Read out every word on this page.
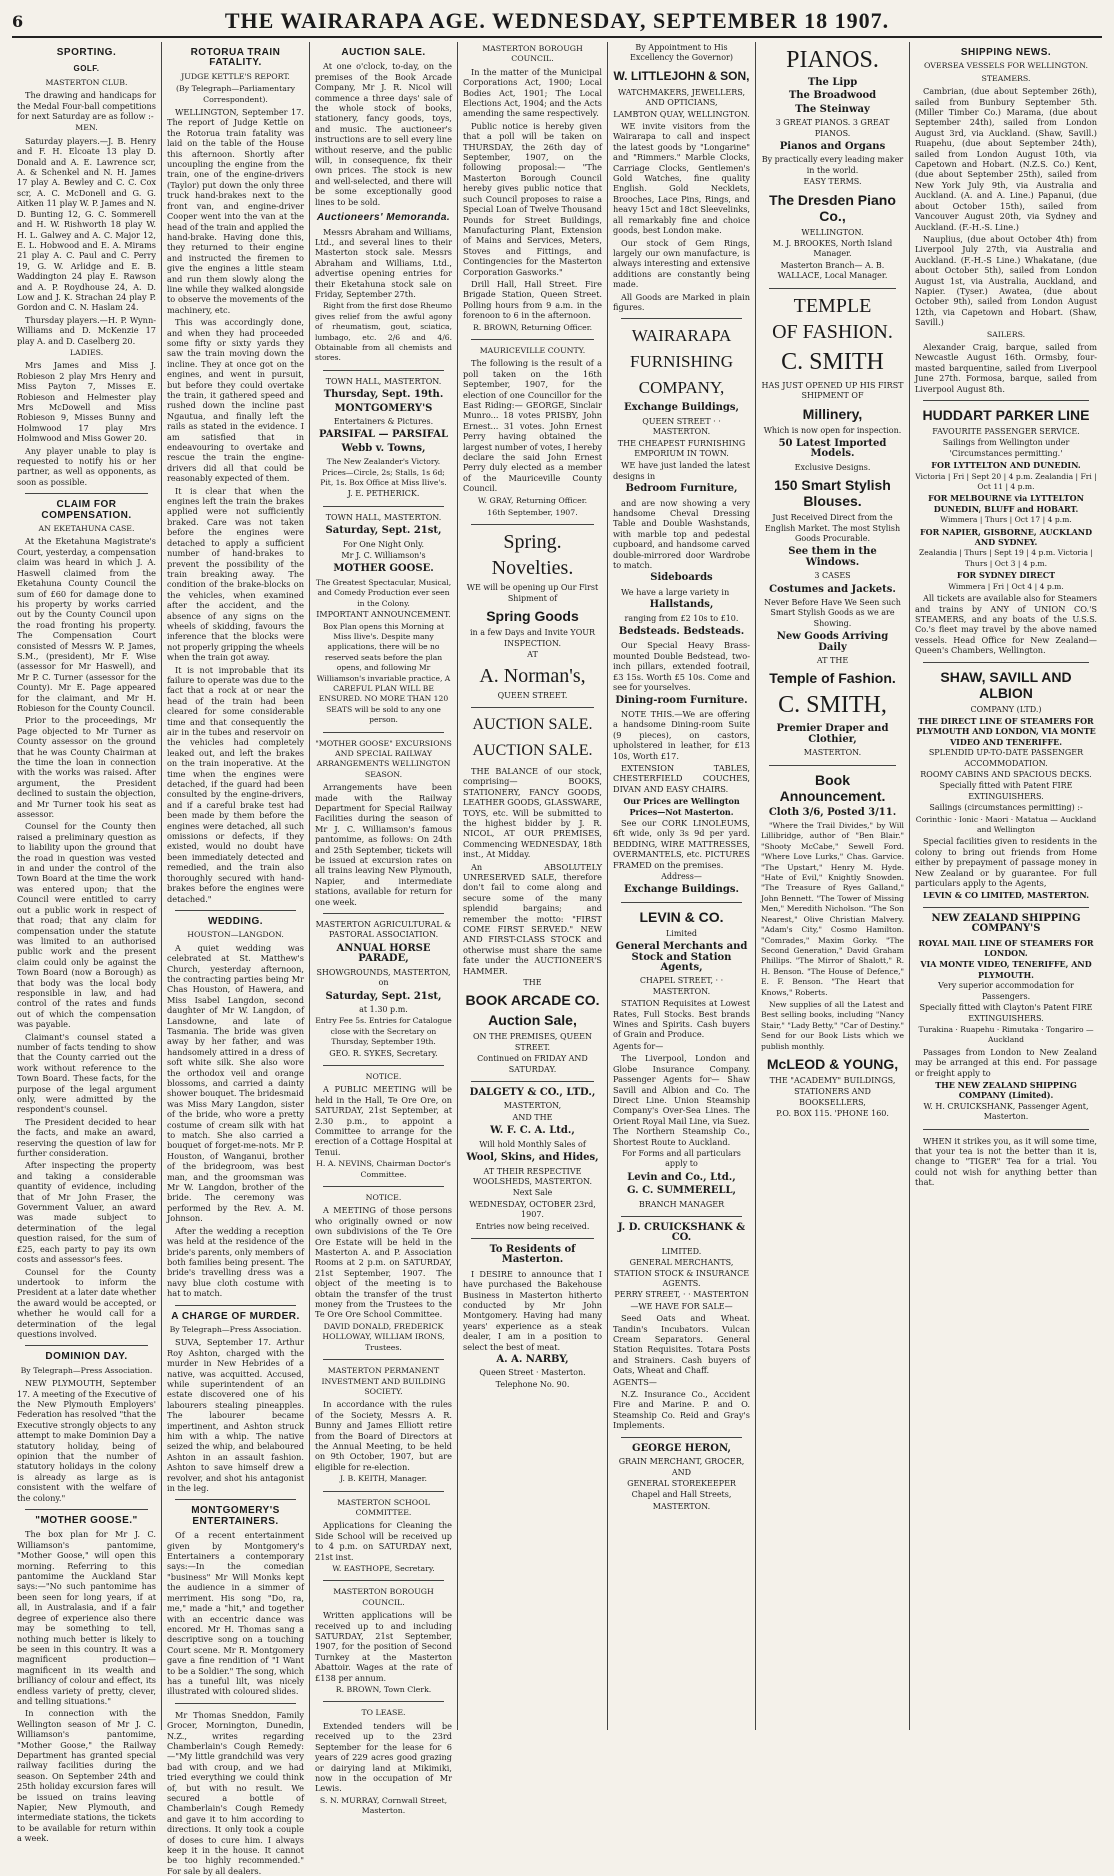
6	THE WAIRARAPA AGE. WEDNESDAY, SEPTEMBER 18 1907.
SPORTING.
GOLF.
MASTERTON CLUB.

The drawing and handicaps for the Medal Four-ball competitions for next Saturday are as follow :-

MEN.

Saturday players.—J. B. Henry and F. H. Elcoate 13 play D. Donald and A. E. Lawrence scr, A. & Schenkel and N. H. James 17 play A. Bewley and C. C. Cox scr, A. C. McDonell and G. G. Aitken 11 play W. P. James and N. D. Bunting 12, G. C. Sommerell and H. W. Rishworth 18 play W. H. L. Galwey and A. C. Major 12, E. L. Hobwood and E. A. Mirams 21 play A. C. Paul and C. Perry 19, G. W. Arlidge and E. B. Waddington 24 play E. Rawson and A. P. Roydhouse 24, A. D. Low and J. K. Strachan 24 play P. Gordon and C. N. Haslam 24.

Thursday players.—H. P. Wynn-Williams and D. McKenzie 17 play A. and D. Caselberg 20.

LADIES.

Mrs James and Miss J. Robieson 2 play Mrs Henry and Miss Payton 7, Misses E. Robieson and Helmester play Mrs McDowell and Miss Robieson 9, Misses Bunny and Holmwood 17 play Mrs Holmwood and Miss Gower 20.

Any player unable to play is requested to notify his or her partner, as well as opponents, as soon as possible.

CLAIM FOR COMPENSATION.
AN EKETAHUNA CASE.

At the Eketahuna Magistrate's Court, yesterday, a compensation claim was heard in which J. A. Haswell claimed from the Eketahuna County Council the sum of £60 for damage done to his property by works carried out by the County Council upon the road fronting his property. The Compensation Court consisted of Messrs W. P. James, S.M., (president), Mr F. Wise (assessor for Mr Haswell), and Mr P. C. Turner (assessor for the County). Mr E. Page appeared for the claimant, and Mr H. Robieson for the County Council.

Prior to the proceedings, Mr Page objected to Mr Turner as County assessor on the ground that he was County Chairman at the time the loan in connection with the works was raised. After argument, the President declined to sustain the objection, and Mr Turner took his seat as assessor.

Counsel for the County then raised a preliminary question as to liability upon the ground that the road in question was vested in and under the control of the Town Board at the time the work was entered upon; that the Council were entitled to carry out a public work in respect of that road; that any claim for compensation under the statute was limited to an authorised public work and the present claim could only be against the Town Board (now a Borough) as that body was the local body responsible in law, and had control of the rates and funds out of which the compensation was payable.

Claimant's counsel stated a number of facts tending to show that the County carried out the work without reference to the Town Board. These facts, for the purpose of the legal argument only, were admitted by the respondent's counsel.

The President decided to hear the facts, and make an award, reserving the question of law for further consideration.

After inspecting the property and taking a considerable quantity of evidence, including that of Mr John Fraser, the Government Valuer, an award was made subject to determination of the legal question raised, for the sum of £25, each party to pay its own costs and assessor's fees.

Counsel for the County undertook to inform the President at a later date whether the award would be accepted, or whether he would call for a determination of the legal questions involved.

DOMINION DAY.
By Telegraph—Press Association.

NEW PLYMOUTH, September 17. A meeting of the Executive of the New Plymouth Employers' Federation has resolved "that the Executive strongly objects to any attempt to make Dominion Day a statutory holiday, being of opinion that the number of statutory holidays in the colony is already as large as is consistent with the welfare of the colony."

"MOTHER GOOSE."

The box plan for Mr J. C. Williamson's pantomime, "Mother Goose," will open this morning. Referring to this pantomime the Auckland Star says:—"No such pantomime has been seen for long years, if at all, in Australasia, and if a fair degree of experience also there may be something to tell, nothing much better is likely to be seen in this country. It was a magnificent production—magnificent in its wealth and brilliancy of colour and effect, its endless variety of pretty, clever, and telling situations."

In connection with the Wellington season of Mr J. C. Williamson's pantomime, "Mother Goose," the Railway Department has granted special railway facilities during the season. On September 24th and 25th holiday excursion fares will be issued on trains leaving Napier, New Plymouth, and intermediate stations, the tickets to be available for return within a week.

ROTORUA TRAIN FATALITY.
JUDGE KETTLE'S REPORT.
(By Telegraph—Parliamentary Correspondent).

WELLINGTON, September 17. The report of Judge Kettle on the Rotorua train fatality was laid on the table of the House this afternoon. Shortly after uncoupling the engine from the train, one of the engine-drivers (Taylor) put down the only three truck hand-brakes next to the front van, and engine-driver Cooper went into the van at the head of the train and applied the hand-brake. Having done this, they returned to their engine and instructed the firemen to give the engines a little steam and run them slowly along the line while they walked alongside to observe the movements of the machinery, etc.

This was accordingly done, and when they had proceeded some fifty or sixty yards they saw the train moving down the incline. They at once got on the engines, and went in pursuit, but before they could overtake the train, it gathered speed and rushed down the incline past Ngautua, and finally left the rails as stated in the evidence. I am satisfied that in endeavouring to overtake and rescue the train the engine-drivers did all that could be reasonably expected of them.

It is clear that when the engines left the train the brakes applied were not sufficiently braked. Care was not taken before the engines were detached to apply a sufficient number of hand-brakes to prevent the possibility of the train breaking away. The condition of the brake-blocks on the vehicles, when examined after the accident, and the absence of any signs on the wheels of skidding, favours the inference that the blocks were not properly gripping the wheels when the train got away.

It is not improbable that its failure to operate was due to the fact that a rock at or near the head of the train had been cleared for some considerable time and that consequently the air in the tubes and reservoir on the vehicles had completely leaked out, and left the brakes on the train inoperative. At the time when the engines were detached, if the guard had been consulted by the engine-drivers, and if a careful brake test had been made by them before the engines were detached, all such omissions or defects, if they existed, would no doubt have been immediately detected and remedied, and the train also thoroughly secured with hand-brakes before the engines were detached."

WEDDING.
HOUSTON—LANGDON.

A quiet wedding was celebrated at St. Matthew's Church, yesterday afternoon, the contracting parties being Mr Chas Houston, of Hawera, and Miss Isabel Langdon, second daughter of Mr W. Langdon, of Lansdowne, and late of Tasmania. The bride was given away by her father, and was handsomely attired in a dress of soft white silk. She also wore the orthodox veil and orange blossoms, and carried a dainty shower bouquet. The bridesmaid was Miss Mary Langdon, sister of the bride, who wore a pretty costume of cream silk with hat to match. She also carried a bouquet of forget-me-nots. Mr P. Houston, of Wanganui, brother of the bridegroom, was best man, and the groomsman was Mr W. Langdon, brother of the bride. The ceremony was performed by the Rev. A. M. Johnson.

After the wedding a reception was held at the residence of the bride's parents, only members of both families being present. The bride's travelling dress was a navy blue cloth costume with hat to match.

A CHARGE OF MURDER.
By Telegraph—Press Association.

SUVA, September 17. Arthur Roy Ashton, charged with the murder in New Hebrides of a native, was acquitted. Accused, while superintendent of an estate discovered one of his labourers stealing pineapples. The labourer became impertinent, and Ashton struck him with a whip. The native seized the whip, and belaboured Ashton in an assault fashion. Ashton to save himself drew a revolver, and shot his antagonist in the leg.

MONTGOMERY'S ENTERTAINERS.

Of a recent entertainment given by Montgomery's Entertainers a contemporary says:—In the comedian "business" Mr Will Monks kept the audience in a simmer of merriment. His song "Do, ra, me," made a "hit," and together with an eccentric dance was encored. Mr H. Thomas sang a descriptive song on a touching Court scene. Mr R. Montgomery gave a fine rendition of "I Want to be a Soldier." The song, which has a tuneful lilt, was nicely illustrated with coloured slides.

Mr Thomas Sneddon, Family Grocer, Mornington, Dunedin, N.Z., writes regarding Chamberlain's Cough Remedy:—"My little grandchild was very bad with croup, and we had tried everything we could think of, but with no result. We secured a bottle of Chamberlain's Cough Remedy and gave it to him according to directions. It only took a couple of doses to cure him. I always keep it in the house. It cannot be too highly recommended." For sale by all dealers.

AUCTION SALE.

At one o'clock, to-day, on the premises of the Book Arcade Company, Mr J. R. Nicol will commence a three days' sale of the whole stock of books, stationery, fancy goods, toys, and music. The auctioneer's instructions are to sell every line without reserve, and the public will, in consequence, fix their own prices. The stock is new and well-selected, and there will be some exceptionally good lines to be sold.

Auctioneers' Memoranda.

Messrs Abraham and Williams, Ltd., and several lines to their Masterton stock sale. Messrs Abraham and Williams, Ltd., advertise opening entries for their Eketahuna stock sale on Friday, September 27th.

Right from the first dose Rheumo gives relief from the awful agony of rheumatism, gout, sciatica, lumbago, etc. 2/6 and 4/6. Obtainable from all chemists and stores.

TOWN HALL, MASTERTON.
Thursday, Sept. 19th.
MONTGOMERY'S
Entertainers & Pictures.
PARSIFAL — PARSIFAL
Webb v. Towns,
The New Zealander's Victory. Prices—Circle, 2s; Stalls, 1s 6d; Pit, 1s. Box Office at Miss Ilive's.
J. E. PETHERICK.
TOWN HALL, MASTERTON.
Saturday, Sept. 21st,
For One Night Only.
Mr J. C. Williamson's
MOTHER GOOSE.
The Greatest Spectacular, Musical, and Comedy Production ever seen in the Colony.
IMPORTANT ANNOUNCEMENT.
Box Plan opens this Morning at Miss Ilive's. Despite many applications, there will be no reserved seats before the plan opens, and following Mr Williamson's invariable practice, A CAREFUL PLAN WILL BE ENSURED. NO MORE THAN 120 SEATS will be sold to any one person.
"MOTHER GOOSE" EXCURSIONS AND SPECIAL RAILWAY ARRANGEMENTS WELLINGTON SEASON.

Arrangements have been made with the Railway Department for Special Railway Facilities during the season of Mr J. C. Williamson's famous pantomime, as follows: On 24th and 25th September, tickets will be issued at excursion rates on all trains leaving New Plymouth, Napier, and intermediate stations, available for return for one week.

MASTERTON AGRICULTURAL & PASTORAL ASSOCIATION.
ANNUAL HORSE PARADE,
SHOWGROUNDS, MASTERTON, on
Saturday, Sept. 21st,
at 1.30 p.m.
Entry Fee 5s. Entries for Catalogue close with the Secretary on Thursday, September 19th.
GEO. R. SYKES, Secretary.
NOTICE.

A PUBLIC MEETING will be held in the Hall, Te Ore Ore, on SATURDAY, 21st September, at 2.30 p.m., to appoint a Committee to arrange for the erection of a Cottage Hospital at Tenui.

H. A. NEVINS, Chairman Doctor's Committee.
NOTICE.

A MEETING of those persons who originally owned or now own subdivisions of the Te Ore Ore Estate will be held in the Masterton A. and P. Association Rooms at 2 p.m. on SATURDAY, 21st September, 1907. The object of the meeting is to obtain the transfer of the trust money from the Trustees to the Te Ore Ore School Committee.

DAVID DONALD, FREDERICK HOLLOWAY, WILLIAM IRONS, Trustees.
MASTERTON PERMANENT INVESTMENT AND BUILDING SOCIETY.

In accordance with the rules of the Society, Messrs A. R. Bunny and James Elliott retire from the Board of Directors at the Annual Meeting, to be held on 9th October, 1907, but are eligible for re-election.

J. B. KEITH, Manager.
MASTERTON SCHOOL COMMITTEE.

Applications for Cleaning the Side School will be received up to 4 p.m. on SATURDAY next, 21st inst.

W. EASTHOPE, Secretary.
MASTERTON BOROUGH COUNCIL.

Written applications will be received up to and including SATURDAY, 21st September, 1907, for the position of Second Turnkey at the Masterton Abattoir. Wages at the rate of £138 per annum.

R. BROWN, Town Clerk.
TO LEASE.

Extended tenders will be received up to the 23rd September for the lease for 6 years of 229 acres good grazing or dairying land at Mikimiki, now in the occupation of Mr Lewis.

S. N. MURRAY, Cornwall Street, Masterton.
MASTERTON BOROUGH COUNCIL.

In the matter of the Municipal Corporations Act, 1900; Local Bodies Act, 1901; The Local Elections Act, 1904; and the Acts amending the same respectively.

Public notice is hereby given that a poll will be taken on THURSDAY, the 26th day of September, 1907, on the following proposal:— "The Masterton Borough Council hereby gives public notice that such Council proposes to raise a Special Loan of Twelve Thousand Pounds for Street Buildings, Manufacturing Plant, Extension of Mains and Services, Meters, Stoves and Fittings, and Contingencies for the Masterton Corporation Gasworks."

Drill Hall, Hall Street. Fire Brigade Station, Queen Street. Polling hours from 9 a.m. in the forenoon to 6 in the afternoon.

R. BROWN, Returning Officer.
MAURICEVILLE COUNTY.

The following is the result of a poll taken on the 16th September, 1907, for the election of one Councillor for the East Riding:— GEORGE, Sinclair Munro... 18 votes PRISBY, John Ernest... 31 votes. John Ernest Perry having obtained the largest number of votes, I hereby declare the said John Ernest Perry duly elected as a member of the Mauriceville County Council.

W. GRAY, Returning Officer.
16th September, 1907.
Spring.
Novelties.
WE will be opening up Our First Shipment of
Spring Goods
in a few Days and Invite YOUR INSPECTION.
AT
A. Norman's,
QUEEN STREET.
AUCTION SALE.
AUCTION SALE.

THE BALANCE of our stock, comprising— BOOKS, STATIONERY, FANCY GOODS, LEATHER GOODS, GLASSWARE, TOYS, etc. Will be submitted to the highest bidder by J. R. NICOL, AT OUR PREMISES, Commencing WEDNESDAY, 18th inst., At Midday.

An ABSOLUTELY UNRESERVED SALE, therefore don't fail to come along and secure some of the many splendid bargains; and remember the motto: "FIRST COME FIRST SERVED." NEW AND FIRST-CLASS STOCK and otherwise must share the same fate under the AUCTIONEER'S HAMMER.

THE
BOOK ARCADE CO.
Auction Sale,
ON THE PREMISES, QUEEN STREET.
Continued on FRIDAY AND SATURDAY.
DALGETY & CO., LTD.,
MASTERTON,
AND THE
W. F. C. A. Ltd.,
Will hold Monthly Sales of
Wool, Skins, and Hides,
AT THEIR RESPECTIVE WOOLSHEDS, MASTERTON.
Next Sale
WEDNESDAY, OCTOBER 23rd, 1907.
Entries now being received.
To Residents of Masterton.

I DESIRE to announce that I have purchased the Bakehouse Business in Masterton hitherto conducted by Mr John Montgomery. Having had many years' experience as a steak dealer, I am in a position to select the best of meat.

A. A. NARBY,
Queen Street · Masterton.
Telephone No. 90.
By Appointment to His Excellency the Governor)
W. LITTLEJOHN & SON,
WATCHMAKERS, JEWELLERS, AND OPTICIANS,
LAMBTON QUAY, WELLINGTON.

WE invite visitors from the Wairarapa to call and inspect the latest goods by "Longarine" and "Rimmers." Marble Clocks, Carriage Clocks, Gentlemen's Gold Watches, fine quality English. Gold Necklets, Brooches, Lace Pins, Rings, and heavy 15ct and 18ct Sleevelinks, all remarkably fine and choice goods, best London make.

Our stock of Gem Rings, largely our own manufacture, is always interesting and extensive additions are constantly being made.

All Goods are Marked in plain figures.

WAIRARAPA
FURNISHING
COMPANY,
Exchange Buildings,
QUEEN STREET · · MASTERTON.
THE CHEAPEST FURNISHING EMPORIUM IN TOWN.

WE have just landed the latest designs in

Bedroom Furniture,

and are now showing a very handsome Cheval Dressing Table and Double Washstands, with marble top and pedestal cupboard, and handsome carved double-mirrored door Wardrobe to match.

Sideboards

We have a large variety in

Hallstands,
ranging from £2 10s to £10.
Bedsteads. Bedsteads.

Our Special Heavy Brass-mounted Double Bedstead, two-inch pillars, extended footrail, £3 15s. Worth £5 10s. Come and see for yourselves.

Dining-room Furniture.

NOTE THIS.—We are offering a handsome Dining-room Suite (9 pieces), on castors, upholstered in leather, for £13 10s, Worth £17.

EXTENSION TABLES, CHESTERFIELD COUCHES, DIVAN AND EASY CHAIRS.

Our Prices are Wellington Prices—Not Masterton.

See our CORK LINOLEUMS, 6ft wide, only 3s 9d per yard. BEDDING, WIRE MATTRESSES, OVERMANTELS, etc. PICTURES FRAMED on the premises.

Address—
Exchange Buildings.
LEVIN & CO.
Limited
General Merchants and Stock and Station Agents,
CHAPEL STREET, · · MASTERTON.

STATION Requisites at Lowest Rates, Full Stocks. Best brands Wines and Spirits. Cash buyers of Grain and Produce.

Agents for—

The Liverpool, London and Globe Insurance Company. Passenger Agents for— Shaw Savill and Albion and Co. The Direct Line. Union Steamship Company's Over-Sea Lines. The Orient Royal Mail Line, via Suez. The Northern Steamship Co., Shortest Route to Auckland.

For Forms and all particulars apply to
Levin and Co., Ltd.,
G. C. SUMMERELL,
BRANCH MANAGER
J. D. CRUICKSHANK & CO.
LIMITED.
GENERAL MERCHANTS, STATION STOCK & INSURANCE AGENTS.
PERRY STREET, · · MASTERTON
—WE HAVE FOR SALE—

Seed Oats and Wheat. Tandin's Incubators. Vulcan Cream Separators. General Station Requisites. Totara Posts and Strainers. Cash buyers of Oats, Wheat and Chaff.

AGENTS—

N.Z. Insurance Co., Accident Fire and Marine. P. and O. Steamship Co. Reid and Gray's Implements.

GEORGE HERON,
GRAIN MERCHANT, GROCER, AND
GENERAL STOREKEEPER
Chapel and Hall Streets,
MASTERTON.
PIANOS.
The Lipp
The Broadwood
The Steinway
3 GREAT PIANOS. 3 GREAT PIANOS.
Pianos and Organs
By practically every leading maker in the world.
EASY TERMS.
The Dresden Piano Co.,
WELLINGTON.
M. J. BROOKES, North Island Manager.
Masterton Branch— A. B. WALLACE, Local Manager.
TEMPLE
OF FASHION.
C. SMITH
HAS JUST OPENED UP HIS FIRST SHIPMENT OF
Millinery,
Which is now open for inspection.
50 Latest Imported Models.
Exclusive Designs.
150 Smart Stylish Blouses.
Just Received Direct from the English Market. The most Stylish Goods Procurable.
See them in the Windows.
3 CASES
Costumes and Jackets.
Never Before Have We Seen such Smart Stylish Goods as we are Showing.
New Goods Arriving Daily
AT THE
Temple of Fashion.
C. SMITH,
Premier Draper and Clothier,
MASTERTON.
Book Announcement.
Cloth 3/6, Posted 3/11.

"Where the Trail Divides," by Will Lillibridge, author of "Ben Blair." "Shooty McCabe," Sewell Ford. "Where Love Lurks," Chas. Garvice. "The Upstart," Henry M. Hyde. "Hate of Evil," Knightly Snowden. "The Treasure of Ryes Galland," John Bennett. "The Tower of Missing Men," Meredith Nicholson. "The Son Nearest," Olive Christian Malvery. "Adam's City," Cosmo Hamilton. "Comrades," Maxim Gorky. "The Second Generation," David Graham Phillips. "The Mirror of Shalott," R. H. Benson. "The House of Defence," E. F. Benson. "The Heart that Knows," Roberts.

New supplies of all the Latest and Best selling books, including "Nancy Stair," "Lady Betty," "Car of Destiny." Send for our Book Lists which we publish monthly.

McLEOD & YOUNG,
THE "ACADEMY" BUILDINGS,
STATIONERS AND BOOKSELLERS,
P.O. BOX 115. 'PHONE 160.
SHIPPING NEWS.
OVERSEA VESSELS FOR WELLINGTON.
STEAMERS.

Cambrian, (due about September 26th), sailed from Bunbury September 5th. (Miller Timber Co.) Marama, (due about September 24th), sailed from London August 3rd, via Auckland. (Shaw, Savill.) Ruapehu, (due about September 24th), sailed from London August 10th, via Capetown and Hobart. (N.Z.S. Co.) Kent, (due about September 25th), sailed from New York July 9th, via Australia and Auckland. (A. and A. Line.) Papanui, (due about October 15th), sailed from Vancouver August 20th, via Sydney and Auckland. (F.-H.-S. Line.)

Nauplius, (due about October 4th) from Liverpool July 27th, via Australia and Auckland. (F.-H.-S Line.) Whakatane, (due about October 5th), sailed from London August 1st, via Australia, Auckland, and Napier. (Tyser.) Awatea, (due about October 9th), sailed from London August 12th, via Capetown and Hobart. (Shaw, Savill.)

SAILERS.

Alexander Craig, barque, sailed from Newcastle August 16th. Ormsby, four-masted barquentine, sailed from Liverpool June 27th. Formosa, barque, sailed from Liverpool August 8th.

HUDDART PARKER LINE
FAVOURITE PASSENGER SERVICE.
Sailings from Wellington under 'Circumstances permitting.'
FOR LYTTELTON AND DUNEDIN.
Victoria | Fri | Sept 20 | 4 p.m. Zealandia | Fri | Oct 11 | 4 p.m.
FOR MELBOURNE via LYTTELTON DUNEDIN, BLUFF and HOBART.
Wimmera | Thurs | Oct 17 | 4 p.m.
FOR NAPIER, GISBORNE, AUCKLAND AND SYDNEY.
Zealandia | Thurs | Sept 19 | 4 p.m. Victoria | Thurs | Oct 3 | 4 p.m.
FOR SYDNEY DIRECT
Wimmera | Fri | Oct 4 | 4 p.m.

All tickets are available also for Steamers and trains by ANY of UNION CO.'S STEAMERS, and any boats of the U.S.S. Co.'s fleet may travel by the above named vessels. Head Office for New Zealand—Queen's Chambers, Wellington.

SHAW, SAVILL AND ALBION
COMPANY (LTD.)
THE DIRECT LINE OF STEAMERS FOR PLYMOUTH AND LONDON, VIA MONTE VIDEO AND TENERIFFE.
SPLENDID UP-TO-DATE PASSENGER ACCOMMODATION.
ROOMY CABINS AND SPACIOUS DECKS.
Specially fitted with Patent FIRE EXTINGUISHERS.
Sailings (circumstances permitting) :-
Corinthic · Ionic · Maori · Matatua — Auckland and Wellington

Special facilities given to residents in the colony to bring out friends from Home either by prepayment of passage money in New Zealand or by guarantee. For full particulars apply to the Agents,

LEVIN & CO LIMITED, MASTERTON.
NEW ZEALAND SHIPPING COMPANY'S
ROYAL MAIL LINE OF STEAMERS FOR LONDON.
VIA MONTE VIDEO, TENERIFFE, AND PLYMOUTH.
Very superior accommodation for Passengers.
Specially fitted with Clayton's Patent FIRE EXTINGUISHERS.
Turakina · Ruapehu · Rimutaka · Tongariro — Auckland

Passages from London to New Zealand may be arranged at this end. For passage or freight apply to

THE NEW ZEALAND SHIPPING COMPANY (Limited).
W. H. CRUICKSHANK, Passenger Agent, Masterton.

WHEN it strikes you, as it will some time, that your tea is not the better than it is, change to "TIGER" Tea for a trial. You could not wish for anything better than that.
